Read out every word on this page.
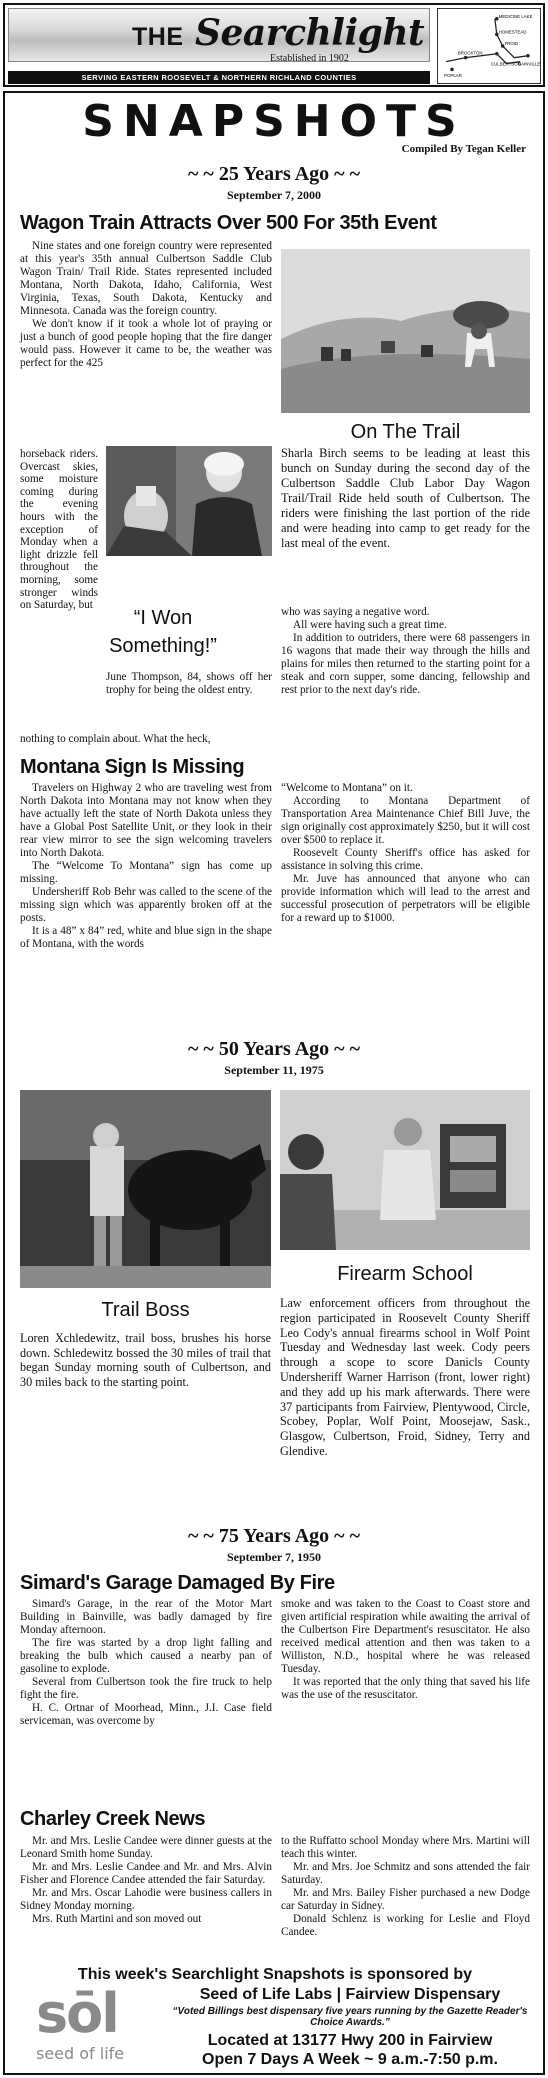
THE Searchlight
Established in 1902
SERVING EASTERN ROOSEVELT & NORTHERN RICHLAND COUNTIES
MEDICINE LAKE
HOMESTEAD
FROID
BAINVILLE
CULBERTSON
BROCKTON
POPLAR
SNAPSHOTS
Compiled By Tegan Keller
~ ~ 25 Years Ago ~ ~
September 7, 2000
Wagon Train Attracts Over 500 For 35th Event

Nine states and one foreign country were represented at this year's 35th annual Culbertson Saddle Club Wagon Train/ Trail Ride. States represented included Montana, North Dakota, Idaho, California, West Virginia, Texas, South Dakota, Kentucky and Minnesota. Canada was the foreign country.

We don't know if it took a whole lot of praying or just a bunch of good people hoping that the fire danger would pass. However it came to be, the weather was perfect for the 425

horseback riders. Overcast skies, some moisture coming during the evening hours with the exception of Monday when a light drizzle fell throughout the morning, some stronger winds on Saturday, but
nothing to complain about. What the heck,
“I Won Something!”
June Thompson, 84, shows off her trophy for being the oldest entry.
On The Trail
Sharla Birch seems to be leading at least this bunch on Sunday during the second day of the Culbertson Saddle Club Labor Day Wagon Trail/Trail Ride held south of Culbertson. The riders were finishing the last portion of the ride and were heading into camp to get ready for the last meal of the event.

who was saying a negative word.

All were having such a great time.

In addition to outriders, there were 68 passengers in 16 wagons that made their way through the hills and plains for miles then returned to the starting point for a steak and corn supper, some dancing, fellowship and rest prior to the next day's ride.

Montana Sign Is Missing

Travelers on Highway 2 who are traveling west from North Dakota into Montana may not know when they have actually left the state of North Dakota unless they have a Global Post Satellite Unit, or they look in their rear view mirror to see the sign welcoming travelers into North Dakota.

The “Welcome To Montana” sign has come up missing.

Undersheriff Rob Behr was called to the scene of the missing sign which was apparently broken off at the posts.

It is a 48” x 84” red, white and blue sign in the shape of Montana, with the words

“Welcome to Montana” on it.

According to Montana Department of Transportation Area Maintenance Chief Bill Juve, the sign originally cost approximately $250, but it will cost over $500 to replace it.

Roosevelt County Sheriff's office has asked for assistance in solving this crime.

Mr. Juve has announced that anyone who can provide information which will lead to the arrest and successful prosecution of perpetrators will be eligible for a reward up to $1000.

~ ~ 50 Years Ago ~ ~
September 11, 1975
Trail Boss
Loren Xchledewitz, trail boss, brushes his horse down. Schledewitz bossed the 30 miles of trail that began Sunday morning south of Culbertson, and 30 miles back to the starting point.
Firearm School
Law enforcement officers from throughout the region participated in Roosevelt County Sheriff Leo Cody's annual firearms school in Wolf Point Tuesday and Wednesday last week. Cody peers through a scope to score Danicls County Undersheriff Warner Harrison (front, lower right) and they add up his mark afterwards. There were 37 participants from Fairview, Plentywood, Circle, Scobey, Poplar, Wolf Point, Moosejaw, Sask., Glasgow, Culbertson, Froid, Sidney, Terry and Glendive.
~ ~ 75 Years Ago ~ ~
September 7, 1950
Simard's Garage Damaged By Fire

Simard's Garage, in the rear of the Motor Mart Building in Bainville, was badly damaged by fire Monday afternoon.

The fire was started by a drop light falling and breaking the bulb which caused a nearby pan of gasoline to explode.

Several from Culbertson took the fire truck to help fight the fire.

H. C. Ortnar of Moorhead, Minn., J.I. Case field serviceman, was overcome by

smoke and was taken to the Coast to Coast store and given artificial respiration while awaiting the arrival of the Culbertson Fire Department's resuscitator. He also received medical attention and then was taken to a Williston, N.D., hospital where he was released Tuesday.

It was reported that the only thing that saved his life was the use of the resuscitator.

Charley Creek News

Mr. and Mrs. Leslie Candee were dinner guests at the Leonard Smith home Sunday.

Mr. and Mrs. Leslie Candee and Mr. and Mrs. Alvin Fisher and Florence Candee attended the fair Saturday.

Mr. and Mrs. Oscar Lahodie were business callers in Sidney Monday morning.

Mrs. Ruth Martini and son moved out

to the Ruffatto school Monday where Mrs. Martini will teach this winter.

Mr. and Mrs. Joe Schmitz and sons attended the fair Saturday.

Mr. and Mrs. Bailey Fisher purchased a new Dodge car Saturday in Sidney.

Donald Schlenz is working for Leslie and Floyd Candee.

This week's Searchlight Snapshots is sponsored by
sōl
seed of life
Seed of Life Labs | Fairview Dispensary
“Voted Billings best dispensary five years running by the Gazette Reader's Choice Awards.”
Located at 13177 Hwy 200 in Fairview
Open 7 Days A Week ~ 9 a.m.-7:50 p.m.
